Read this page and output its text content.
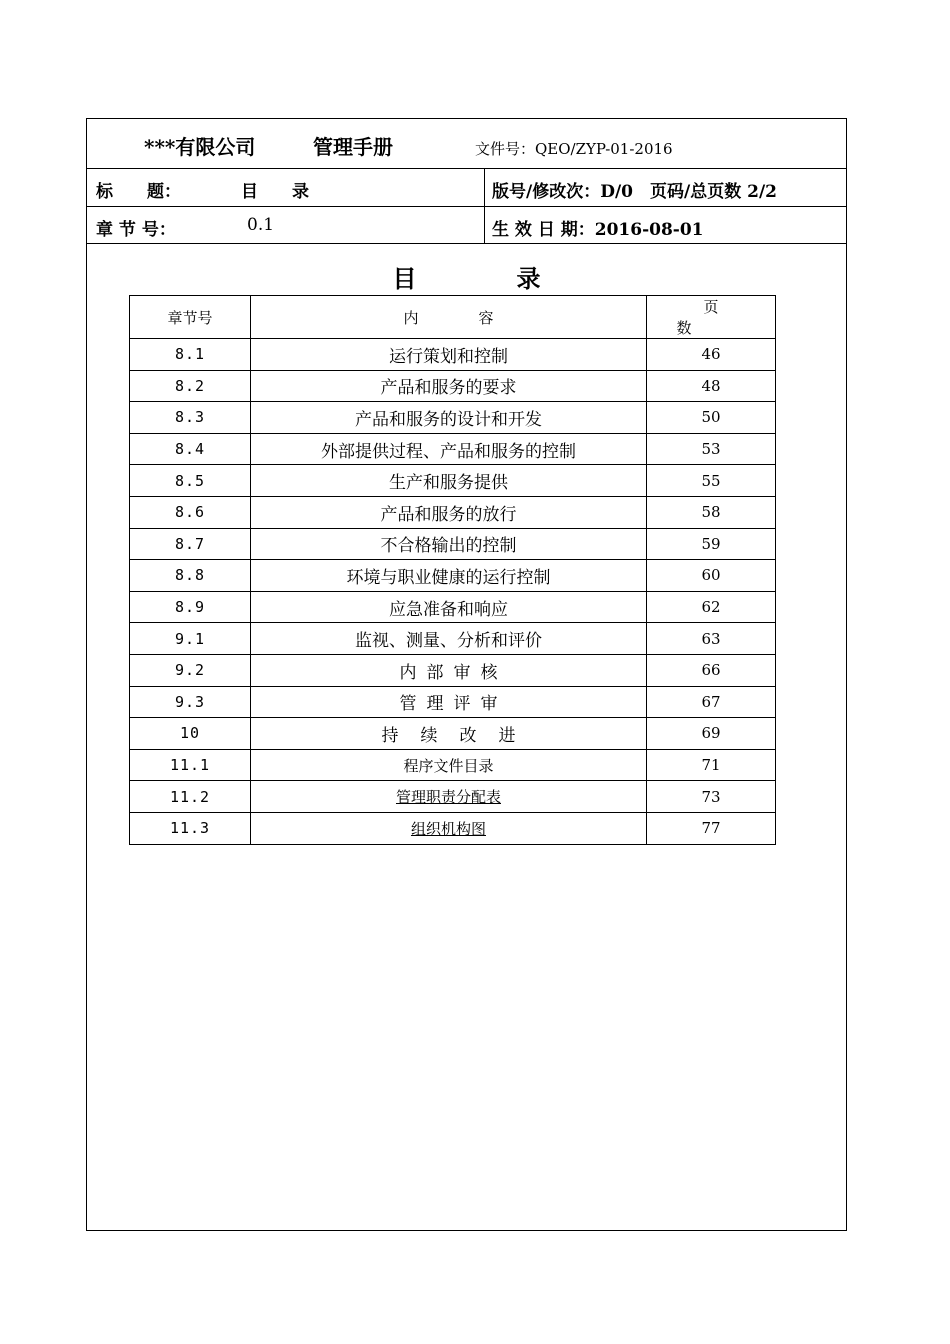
***有限公司	管理手册	文件号：QEO/ZYP-01-2016
标　　题：	目　　录	版号/修改次：D/0　页码/总页数 2/2
章 节 号：	0.1	生 效 日 期：2016-08-01
目录
章节号	内容	页数
8.1	运行策划和控制	46
8.2	产品和服务的要求	48
8.3	产品和服务的设计和开发	50
8.4	外部提供过程、产品和服务的控制	53
8.5	生产和服务提供	55
8.6	产品和服务的放行	58
8.7	不合格输出的控制	59
8.8	环境与职业健康的运行控制	60
8.9	应急准备和响应	62
9.1	监视、测量、分析和评价	63
9.2	内部审核	66
9.3	管理评审	67
10	持续改进	69
11.1	程序文件目录	71
11.2	管理职责分配表	73
11.3	组织机构图	77
